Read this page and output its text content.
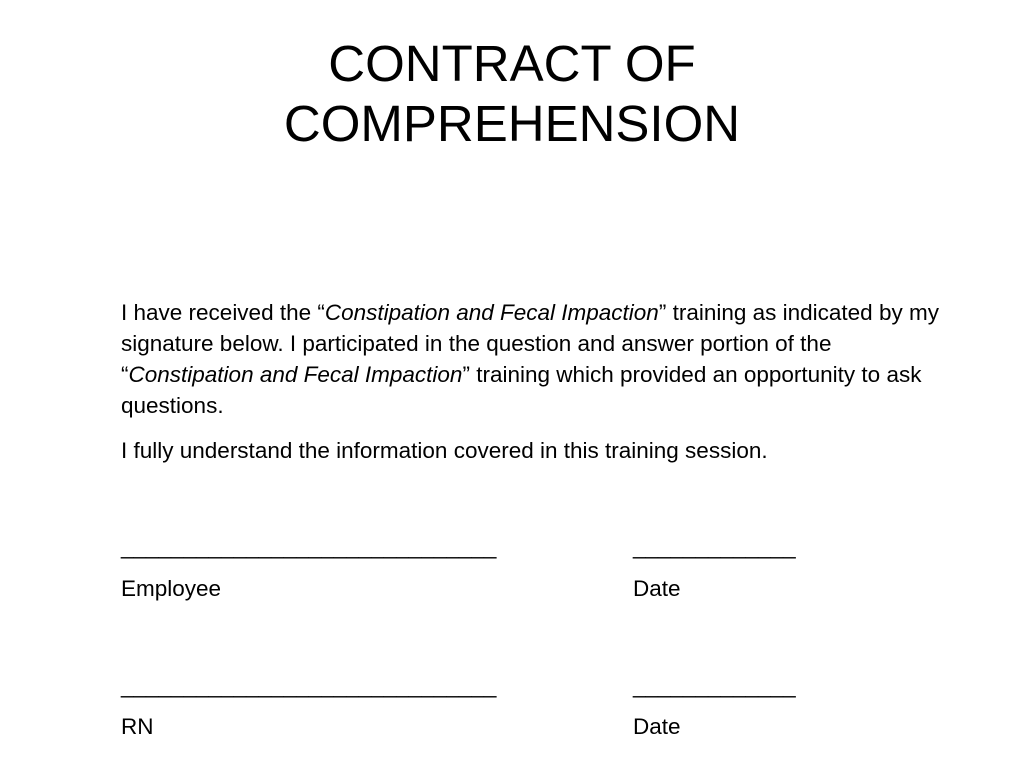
CONTRACT OF
COMPREHENSION

I have received the “Constipation and Fecal Impaction” training as indicated by my signature below. I participated in the question and answer portion of the “Constipation and Fecal Impaction” training which provided an opportunity to ask questions.

I fully understand the information covered in this training session.

______________________________	_____________
Employee	Date
______________________________	_____________
RN	Date
